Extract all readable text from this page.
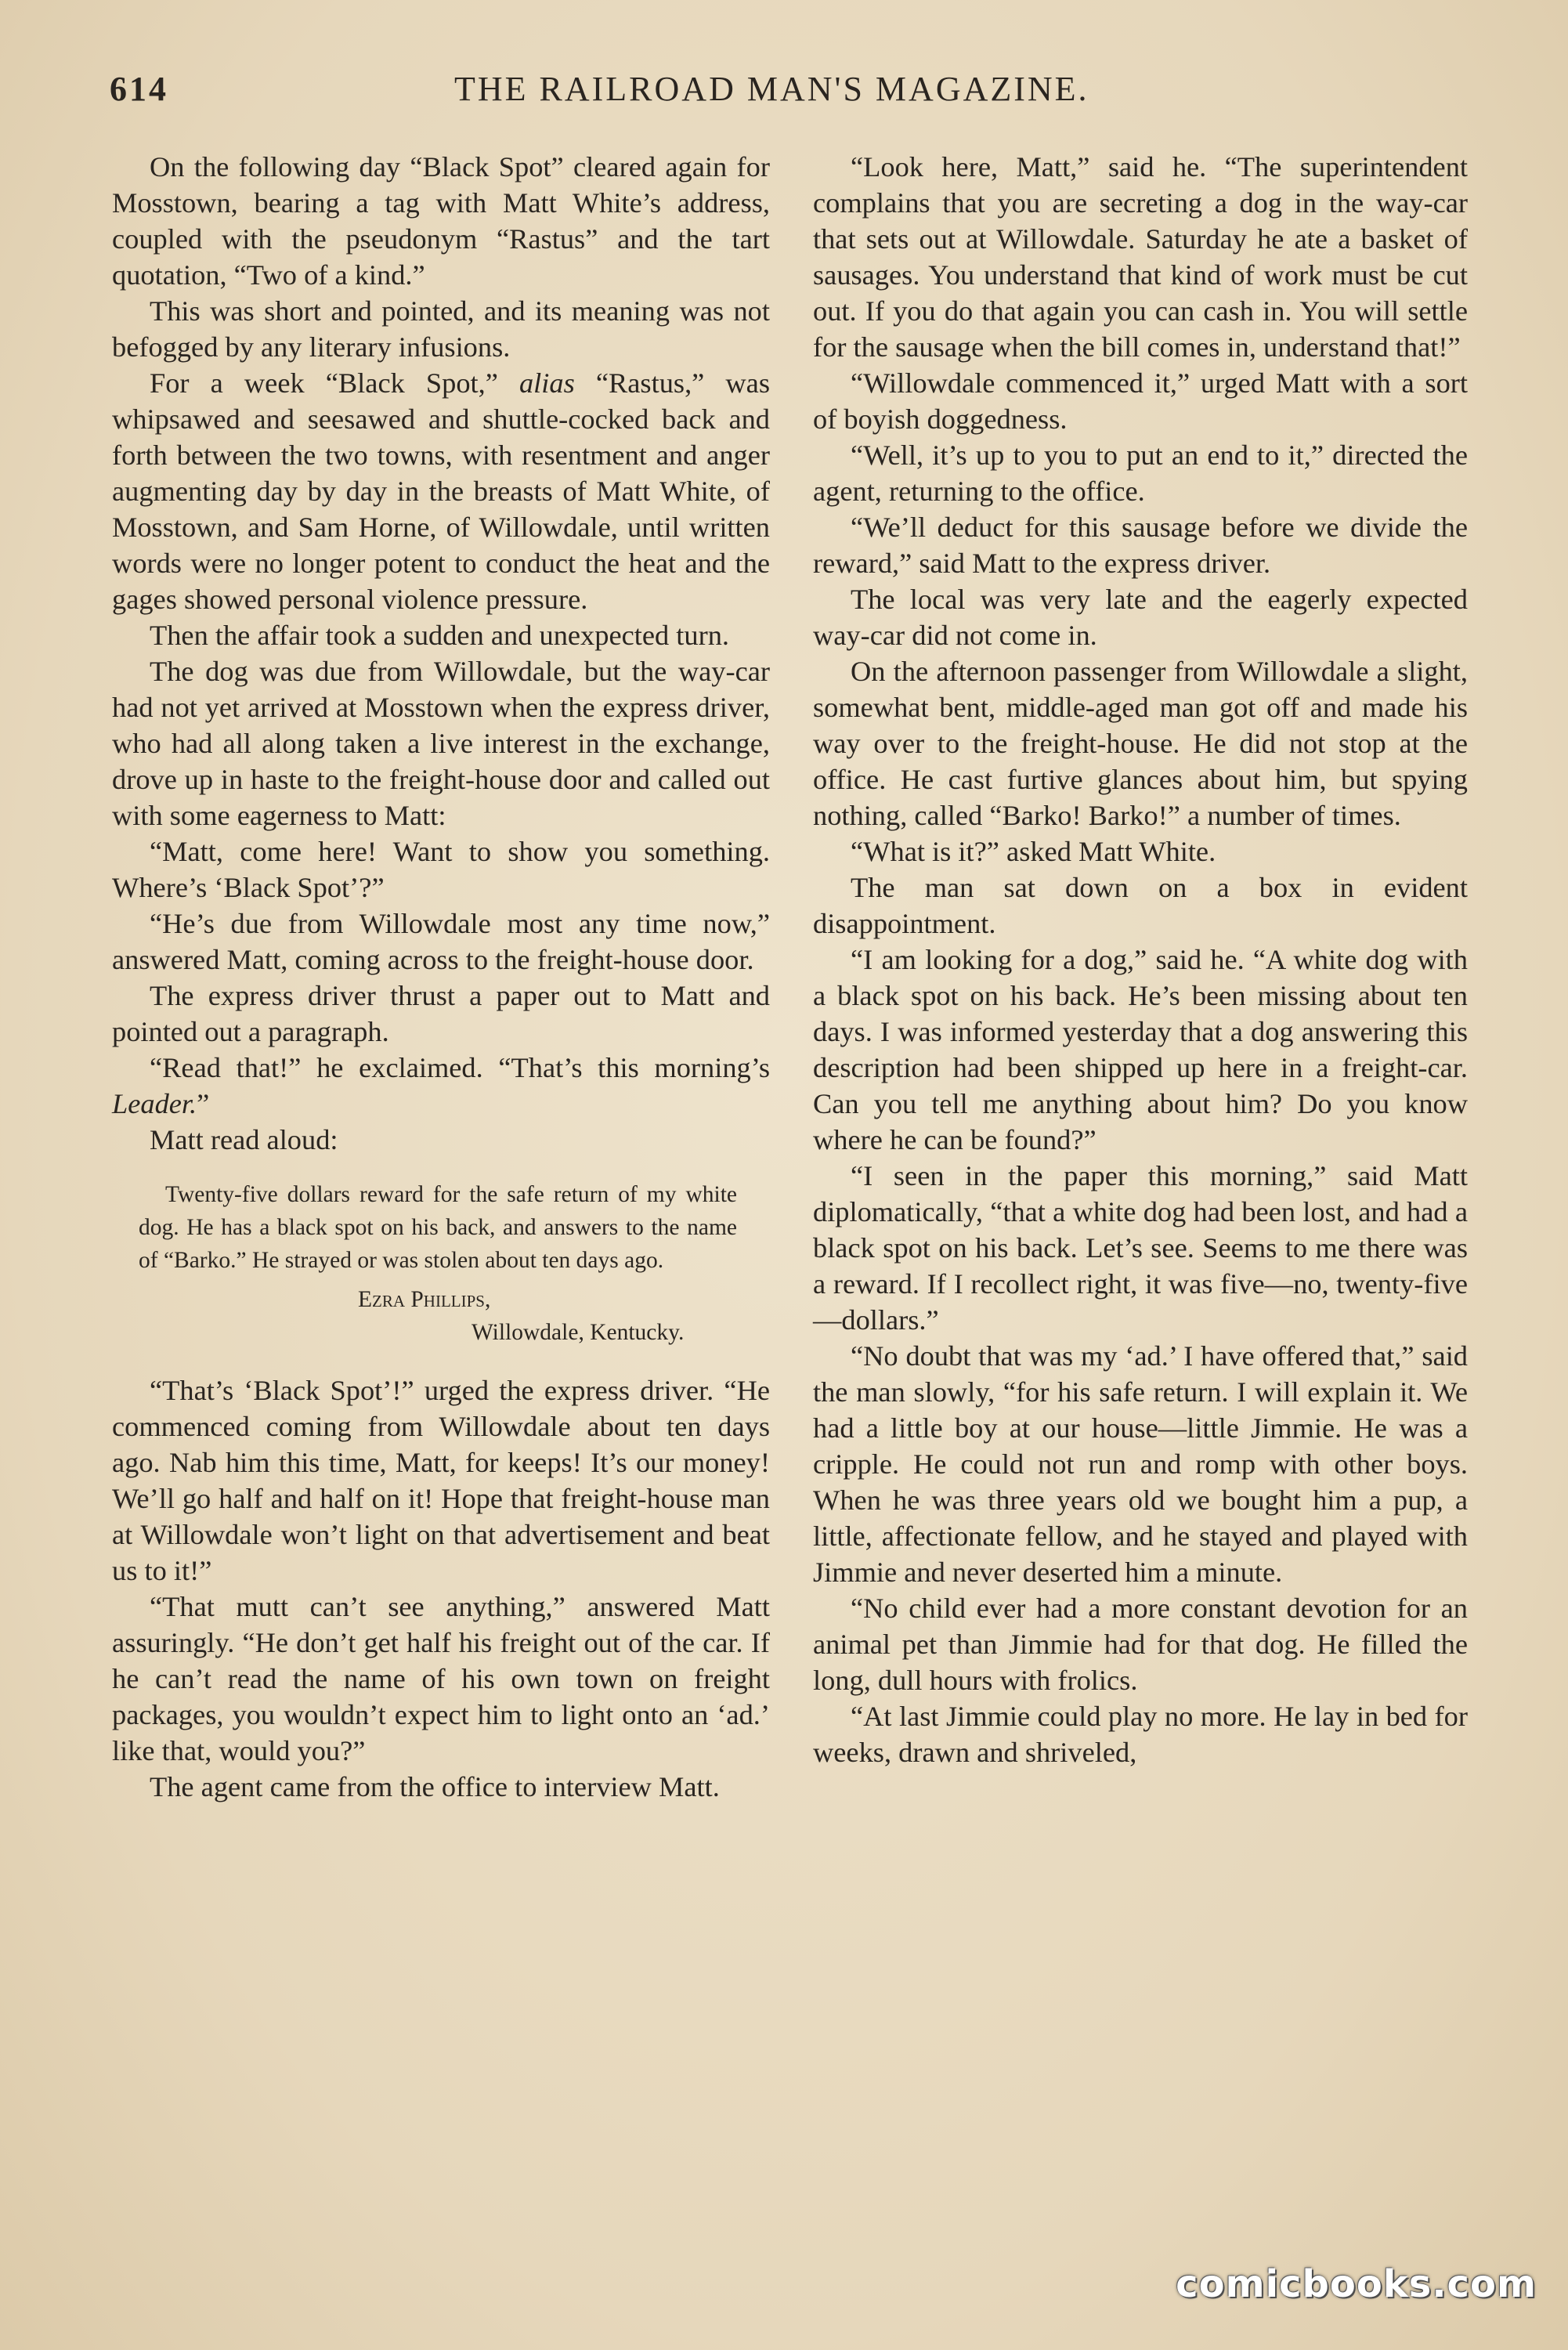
614	THE RAILROAD MAN'S MAGAZINE.

On the following day “Black Spot” cleared again for Mosstown, bearing a tag with Matt White’s address, coupled with the pseudonym “Rastus” and the tart quotation, “Two of a kind.”

This was short and pointed, and its meaning was not befogged by any literary infusions.

For a week “Black Spot,” alias “Rastus,” was whipsawed and seesawed and shuttle-cocked back and forth between the two towns, with resentment and anger augmenting day by day in the breasts of Matt White, of Mosstown, and Sam Horne, of Willowdale, until written words were no longer potent to conduct the heat and the gages showed personal violence pressure.

Then the affair took a sudden and unexpected turn.

The dog was due from Willowdale, but the way-car had not yet arrived at Mosstown when the express driver, who had all along taken a live interest in the exchange, drove up in haste to the freight-house door and called out with some eagerness to Matt:

“Matt, come here! Want to show you something. Where’s ‘Black Spot’?”

“He’s due from Willowdale most any time now,” answered Matt, coming across to the freight-house door.

The express driver thrust a paper out to Matt and pointed out a paragraph.

“Read that!” he exclaimed. “That’s this morning’s Leader.”

Matt read aloud:

Twenty-five dollars reward for the safe return of my white dog. He has a black spot on his back, and answers to the name of “Barko.” He strayed or was stolen about ten days ago.

Ezra Phillips,
Willowdale, Kentucky.

“That’s ‘Black Spot’!” urged the express driver. “He commenced coming from Willowdale about ten days ago. Nab him this time, Matt, for keeps! It’s our money! We’ll go half and half on it! Hope that freight-house man at Willowdale won’t light on that advertisement and beat us to it!”

“That mutt can’t see anything,” answered Matt assuringly. “He don’t get half his freight out of the car. If he can’t read the name of his own town on freight packages, you wouldn’t expect him to light onto an ‘ad.’ like that, would you?”

The agent came from the office to interview Matt.

“Look here, Matt,” said he. “The superintendent complains that you are secreting a dog in the way-car that sets out at Willowdale. Saturday he ate a basket of sausages. You understand that kind of work must be cut out. If you do that again you can cash in. You will settle for the sausage when the bill comes in, understand that!”

“Willowdale commenced it,” urged Matt with a sort of boyish doggedness.

“Well, it’s up to you to put an end to it,” directed the agent, returning to the office.

“We’ll deduct for this sausage before we divide the reward,” said Matt to the express driver.

The local was very late and the eagerly expected way-car did not come in.

On the afternoon passenger from Willowdale a slight, somewhat bent, middle-aged man got off and made his way over to the freight-house. He did not stop at the office. He cast furtive glances about him, but spying nothing, called “Barko! Barko!” a number of times.

“What is it?” asked Matt White.

The man sat down on a box in evident disappointment.

“I am looking for a dog,” said he. “A white dog with a black spot on his back. He’s been missing about ten days. I was informed yesterday that a dog answering this description had been shipped up here in a freight-car. Can you tell me anything about him? Do you know where he can be found?”

“I seen in the paper this morning,” said Matt diplomatically, “that a white dog had been lost, and had a black spot on his back. Let’s see. Seems to me there was a reward. If I recollect right, it was five—no, twenty-five—dollars.”

“No doubt that was my ‘ad.’ I have offered that,” said the man slowly, “for his safe return. I will explain it. We had a little boy at our house—little Jimmie. He was a cripple. He could not run and romp with other boys. When he was three years old we bought him a pup, a little, affectionate fellow, and he stayed and played with Jimmie and never deserted him a minute.

“No child ever had a more constant devotion for an animal pet than Jimmie had for that dog. He filled the long, dull hours with frolics.

“At last Jimmie could play no more. He lay in bed for weeks, drawn and shriveled,

comicbooks.com
